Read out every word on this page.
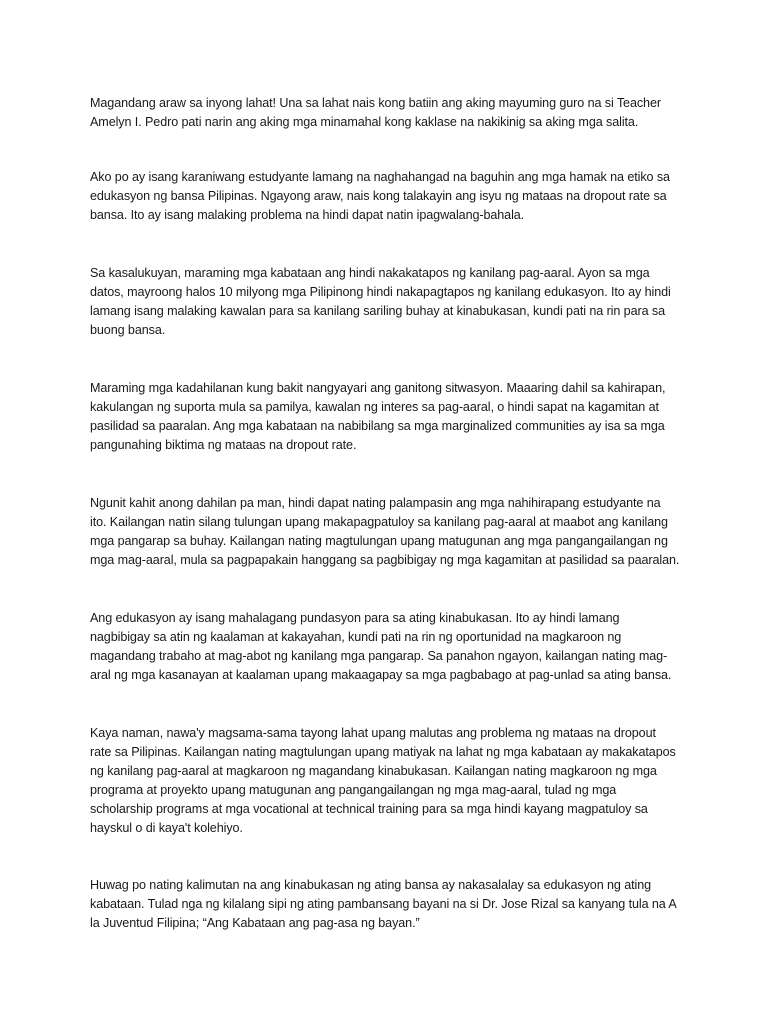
Magandang araw sa inyong lahat! Una sa lahat nais kong batiin ang aking mayuming guro na si Teacher
Amelyn I. Pedro pati narin ang aking mga minamahal kong kaklase na nakikinig sa aking mga salita.

Ako po ay isang karaniwang estudyante lamang na naghahangad na baguhin ang mga hamak na etiko sa
edukasyon ng bansa Pilipinas. Ngayong araw, nais kong talakayin ang isyu ng mataas na dropout rate sa
bansa. Ito ay isang malaking problema na hindi dapat natin ipagwalang-bahala.

Sa kasalukuyan, maraming mga kabataan ang hindi nakakatapos ng kanilang pag-aaral. Ayon sa mga
datos, mayroong halos 10 milyong mga Pilipinong hindi nakapagtapos ng kanilang edukasyon. Ito ay hindi
lamang isang malaking kawalan para sa kanilang sariling buhay at kinabukasan, kundi pati na rin para sa
buong bansa.

Maraming mga kadahilanan kung bakit nangyayari ang ganitong sitwasyon. Maaaring dahil sa kahirapan,
kakulangan ng suporta mula sa pamilya, kawalan ng interes sa pag-aaral, o hindi sapat na kagamitan at
pasilidad sa paaralan. Ang mga kabataan na nabibilang sa mga marginalized communities ay isa sa mga
pangunahing biktima ng mataas na dropout rate.

Ngunit kahit anong dahilan pa man, hindi dapat nating palampasin ang mga nahihirapang estudyante na
ito. Kailangan natin silang tulungan upang makapagpatuloy sa kanilang pag-aaral at maabot ang kanilang
mga pangarap sa buhay. Kailangan nating magtulungan upang matugunan ang mga pangangailangan ng
mga mag-aaral, mula sa pagpapakain hanggang sa pagbibigay ng mga kagamitan at pasilidad sa paaralan.

Ang edukasyon ay isang mahalagang pundasyon para sa ating kinabukasan. Ito ay hindi lamang
nagbibigay sa atin ng kaalaman at kakayahan, kundi pati na rin ng oportunidad na magkaroon ng
magandang trabaho at mag-abot ng kanilang mga pangarap. Sa panahon ngayon, kailangan nating mag-
aral ng mga kasanayan at kaalaman upang makaagapay sa mga pagbabago at pag-unlad sa ating bansa.

Kaya naman, nawa'y magsama-sama tayong lahat upang malutas ang problema ng mataas na dropout
rate sa Pilipinas. Kailangan nating magtulungan upang matiyak na lahat ng mga kabataan ay makakatapos
ng kanilang pag-aaral at magkaroon ng magandang kinabukasan. Kailangan nating magkaroon ng mga
programa at proyekto upang matugunan ang pangangailangan ng mga mag-aaral, tulad ng mga
scholarship programs at mga vocational at technical training para sa mga hindi kayang magpatuloy sa
hayskul o di kaya't kolehiyo.

Huwag po nating kalimutan na ang kinabukasan ng ating bansa ay nakasalalay sa edukasyon ng ating
kabataan. Tulad nga ng kilalang sipi ng ating pambansang bayani na si Dr. Jose Rizal sa kanyang tula na A
la Juventud Filipina; “Ang Kabataan ang pag-asa ng bayan.”
